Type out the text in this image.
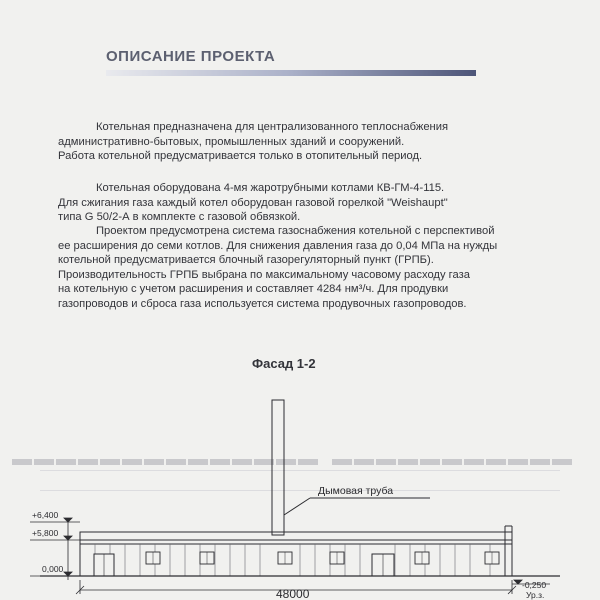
▬▬▬▬▬▬▬▬▬▬▬▬▬▬ ▬▬▬▬▬▬▬▬▬▬▬
ОПИСАНИЕ ПРОЕКТА

Котельная предназначена для централизованного теплоснабжения

административно-бытовых, промышленных зданий и сооружений.

Работа котельной предусматривается только в отопительный период.

Котельная оборудована 4-мя жаротрубными котлами КВ-ГМ-4-115.

Для сжигания газа каждый котел оборудован газовой горелкой "Weishaupt"

типа G 50/2-А в комплекте с газовой обвязкой.

Проектом предусмотрена система газоснабжения котельной с перспективой

ее расширения до семи котлов. Для снижения давления газа до 0,04 МПа на нужды

котельной предусматривается блочный газорегуляторный пункт (ГРПБ).

Производительность ГРПБ выбрана по максимальному часовому расходу газа

на котельную с учетом расширения и составляет 4284 нм³/ч. Для продувки

газопроводов и сброса газа используется система продувочных газопроводов.

Фасад 1-2
+6,400
+5,800
0,000
-0,250
Ур.з.
Дымовая труба
48000
